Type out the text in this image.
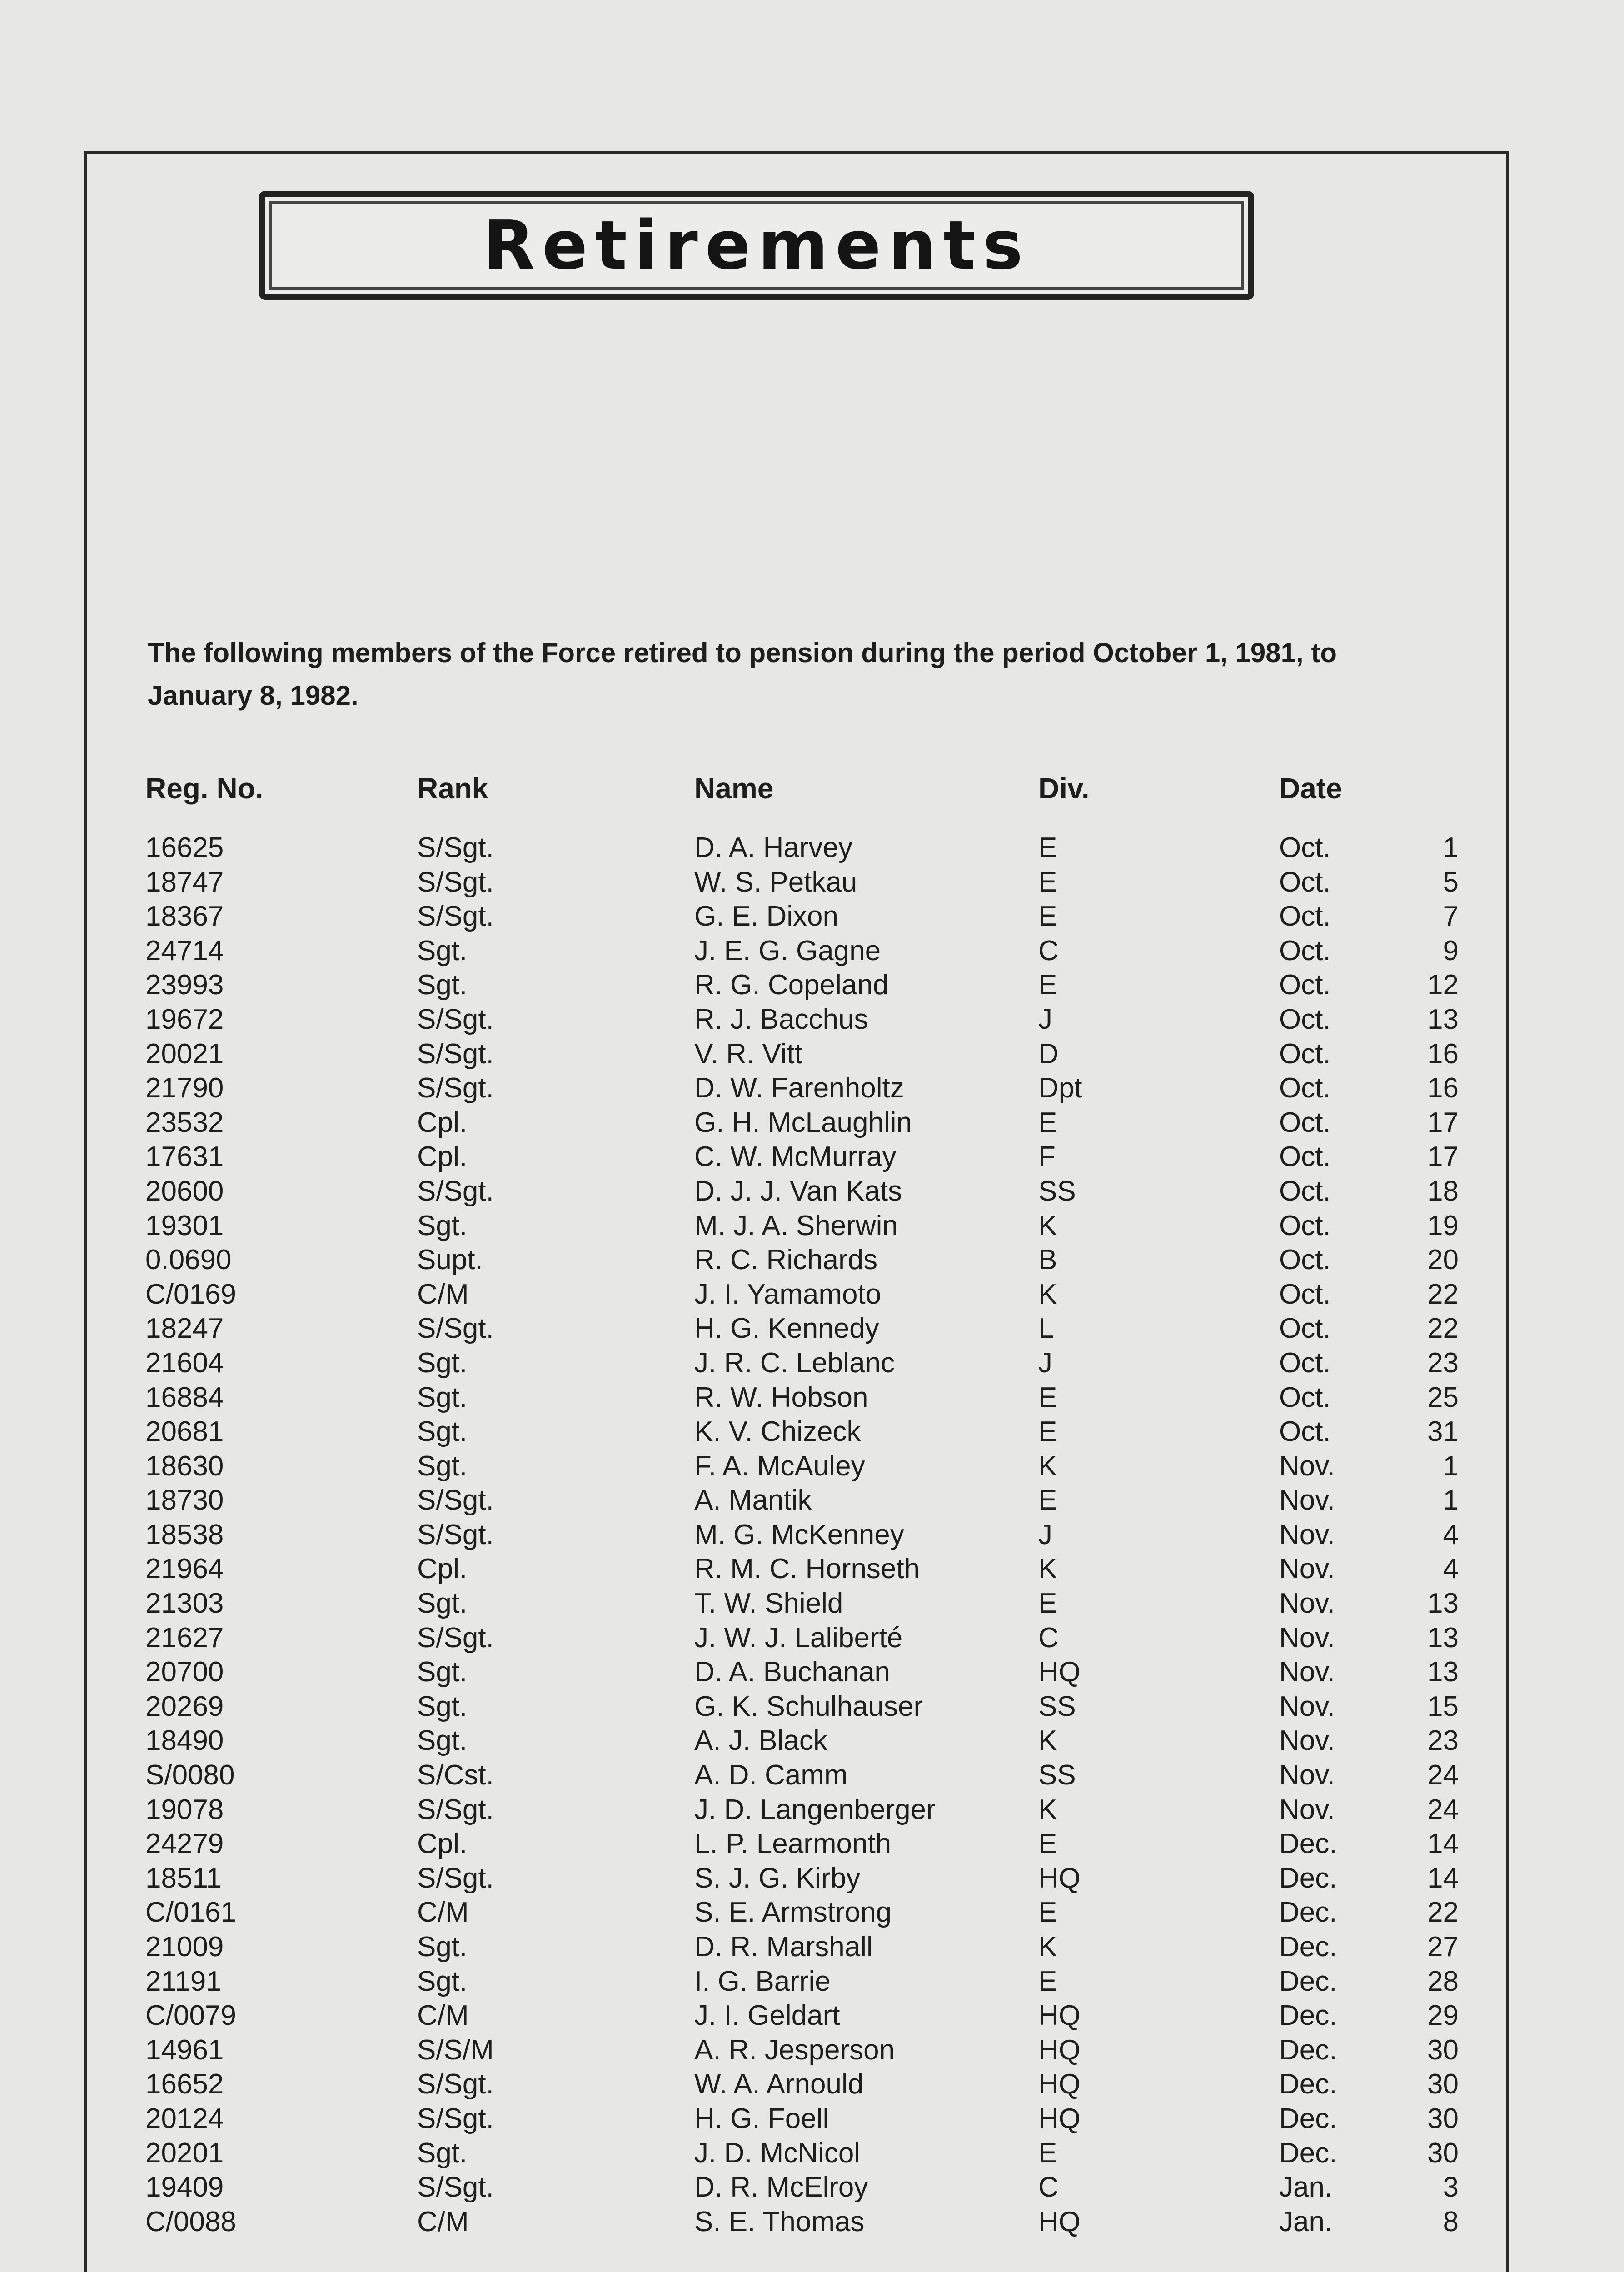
Retirements
The following members of the Force retired to pension during the period October 1, 1981, to
January 8, 1982.
Reg. No.	Rank	Name	Div.	Date
16625	S/Sgt.	D. A. Harvey	E	Oct.	1
18747	S/Sgt.	W. S. Petkau	E	Oct.	5
18367	S/Sgt.	G. E. Dixon	E	Oct.	7
24714	Sgt.	J. E. G. Gagne	C	Oct.	9
23993	Sgt.	R. G. Copeland	E	Oct.	12
19672	S/Sgt.	R. J. Bacchus	J	Oct.	13
20021	S/Sgt.	V. R. Vitt	D	Oct.	16
21790	S/Sgt.	D. W. Farenholtz	Dpt	Oct.	16
23532	Cpl.	G. H. McLaughlin	E	Oct.	17
17631	Cpl.	C. W. McMurray	F	Oct.	17
20600	S/Sgt.	D. J. J. Van Kats	SS	Oct.	18
19301	Sgt.	M. J. A. Sherwin	K	Oct.	19
0.0690	Supt.	R. C. Richards	B	Oct.	20
C/0169	C/M	J. I. Yamamoto	K	Oct.	22
18247	S/Sgt.	H. G. Kennedy	L	Oct.	22
21604	Sgt.	J. R. C. Leblanc	J	Oct.	23
16884	Sgt.	R. W. Hobson	E	Oct.	25
20681	Sgt.	K. V. Chizeck	E	Oct.	31
18630	Sgt.	F. A. McAuley	K	Nov.	1
18730	S/Sgt.	A. Mantik	E	Nov.	1
18538	S/Sgt.	M. G. McKenney	J	Nov.	4
21964	Cpl.	R. M. C. Hornseth	K	Nov.	4
21303	Sgt.	T. W. Shield	E	Nov.	13
21627	S/Sgt.	J. W. J. Laliberté	C	Nov.	13
20700	Sgt.	D. A. Buchanan	HQ	Nov.	13
20269	Sgt.	G. K. Schulhauser	SS	Nov.	15
18490	Sgt.	A. J. Black	K	Nov.	23
S/0080	S/Cst.	A. D. Camm	SS	Nov.	24
19078	S/Sgt.	J. D. Langenberger	K	Nov.	24
24279	Cpl.	L. P. Learmonth	E	Dec.	14
18511	S/Sgt.	S. J. G. Kirby	HQ	Dec.	14
C/0161	C/M	S. E. Armstrong	E	Dec.	22
21009	Sgt.	D. R. Marshall	K	Dec.	27
21191	Sgt.	I. G. Barrie	E	Dec.	28
C/0079	C/M	J. I. Geldart	HQ	Dec.	29
14961	S/S/M	A. R. Jesperson	HQ	Dec.	30
16652	S/Sgt.	W. A. Arnould	HQ	Dec.	30
20124	S/Sgt.	H. G. Foell	HQ	Dec.	30
20201	Sgt.	J. D. McNicol	E	Dec.	30
19409	S/Sgt.	D. R. McElroy	C	Jan.	3
C/0088	C/M	S. E. Thomas	HQ	Jan.	8
